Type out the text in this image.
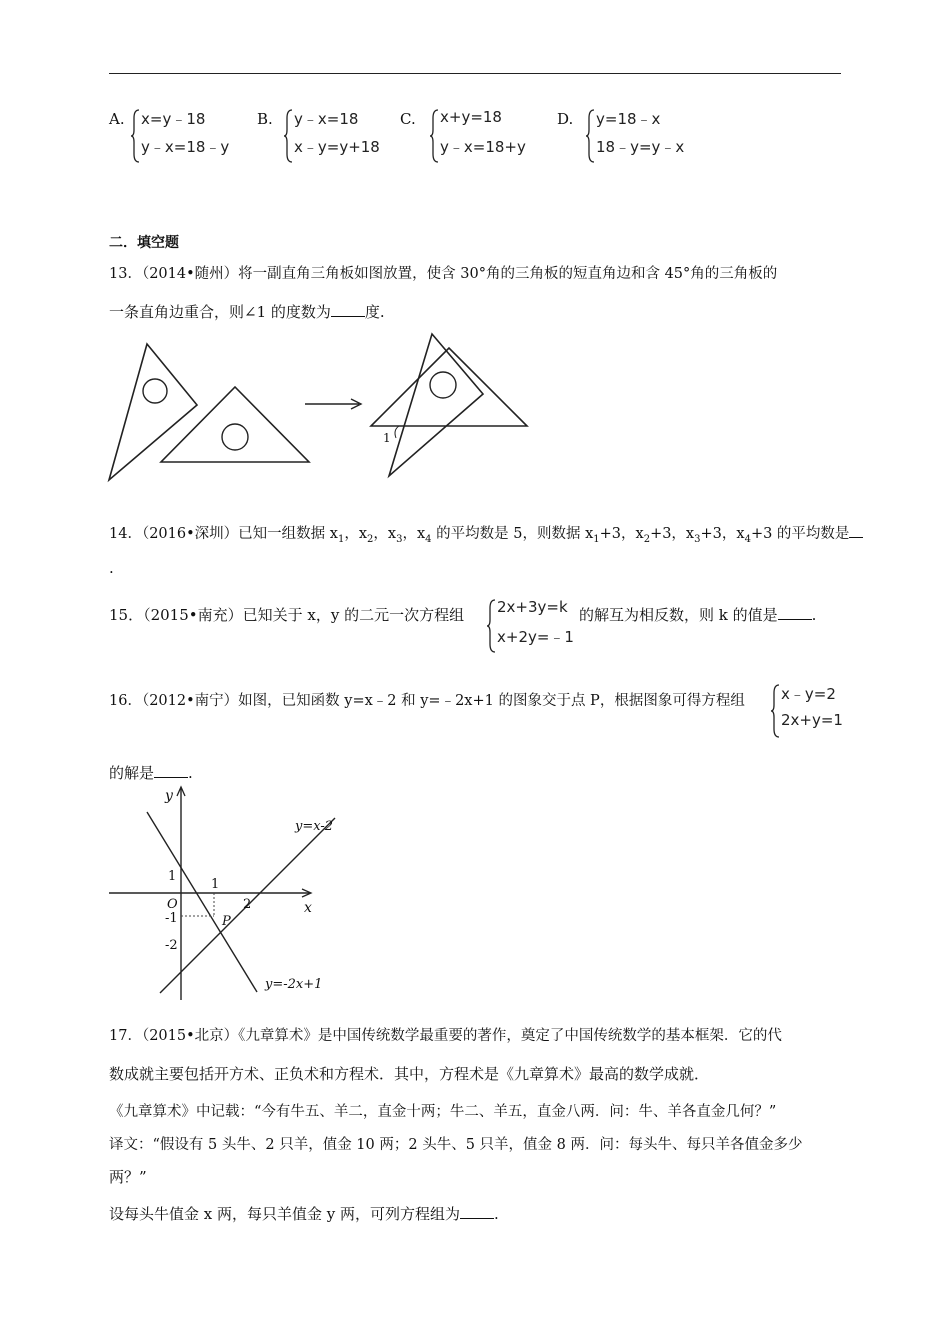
A. x=y﹣18
y﹣x=18﹣y
B. y﹣x=18
x﹣y=y+18
C. x+y=18
y﹣x=18+y
D. y=18﹣x
18﹣y=y﹣x
二．填空题
13．（2014•随州）将一副直角三角板如图放置，使含 30°角的三角板的短直角边和含 45°角的三角板的
一条直角边重合，则∠1 的度数为 度.
1
14．（2016•深圳）已知一组数据 $x_1$，$x_2$，$x_3$，$x_4$ 的平均数是 5，则数据 $x_1+3$，$x_2+3$，$x_3+3$，$x_4+3$ 的平均数是
.
15．（2015•南充）已知关于 x，y 的二元一次方程组 2x+3y=k
x+2y=﹣1
的解互为相反数，则 k 的值是 .
16．（2012•南宁）如图，已知函数 y=x﹣2 和 y=﹣2x+1 的图象交于点 P，根据图象可得方程组 x﹣y=2
2x+y=1
的解是 .
y
x
O
1
1
2
-1
-2
P
y=x-2
y=-2x+1
17．（2015•北京）《九章算术》是中国传统数学最重要的著作，奠定了中国传统数学的基本框架．它的代
数成就主要包括开方术、正负术和方程术．其中，方程术是《九章算术》最高的数学成就．
《九章算术》中记载：“今有牛五、羊二，直金十两；牛二、羊五，直金八两．问：牛、羊各直金几何？”
译文：“假设有 5 头牛、2 只羊，值金 10 两；2 头牛、5 只羊，值金 8 两．问：每头牛、每只羊各值金多少
两？”
设每头牛值金 x 两，每只羊值金 y 两，可列方程组为 .
